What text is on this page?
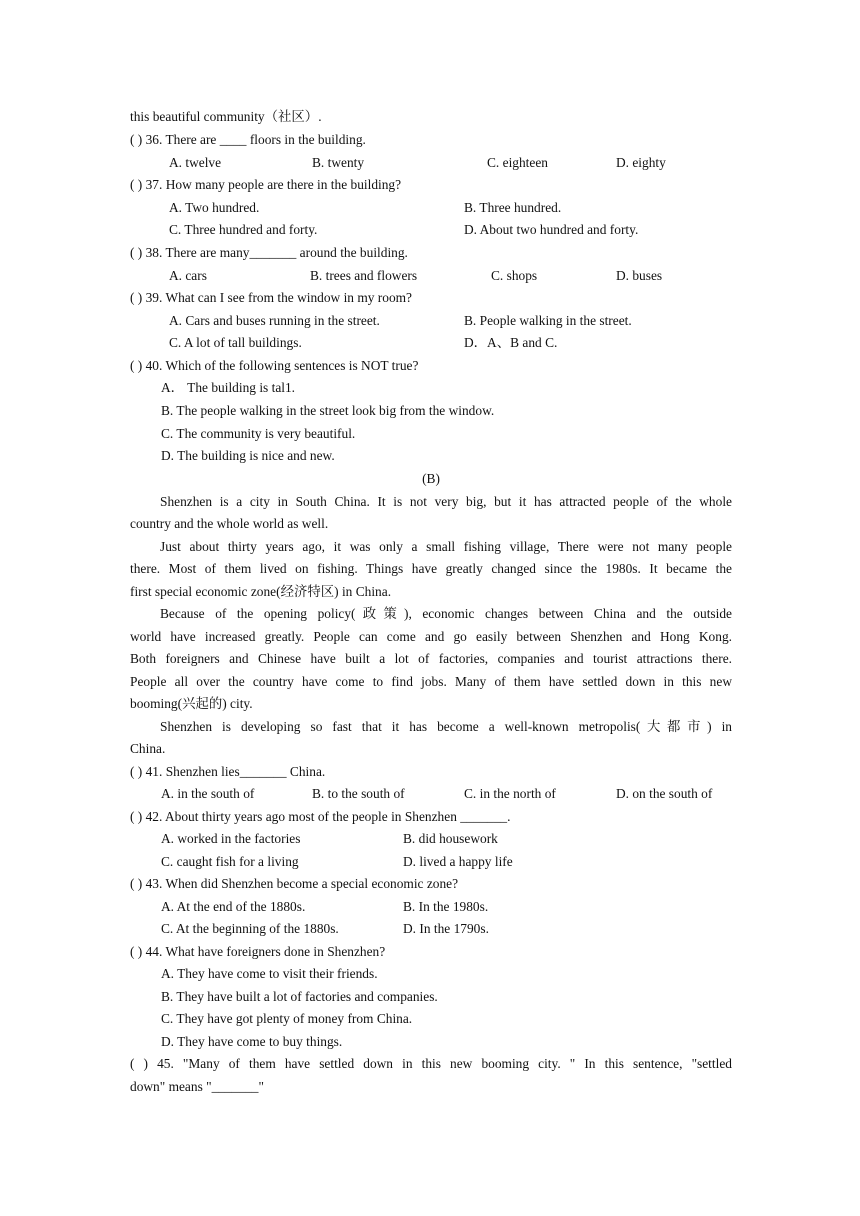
this beautiful community（社区）.
( ) 36. There are ____ floors in the building.
A. twelve	B. twenty	C. eighteen	D. eighty
( ) 37. How many people are there in the building?
A. Two hundred.	B. Three hundred.
C. Three hundred and forty.	D. About two hundred and forty.
( ) 38. There are many_______ around the building.
A. cars	B. trees and flowers	C. shops	D. buses
( ) 39. What can I see from the window in my room?
A. Cars and buses running in the street.	B. People walking in the street.
C. A lot of tall buildings.	D．A、B and C.
( ) 40. Which of the following sentences is NOT true?
A． The building is tal1.
B. The people walking in the street look big from the window.
C. The community is very beautiful.
D. The building is nice and new.
(B)
Shenzhen is a city in South China. It is not very big, but it has attracted people of the whole
country and the whole world as well.
Just about thirty years ago, it was only a small fishing village, There were not many people
there. Most of them lived on fishing. Things have greatly changed since the 1980s. It became the
first special economic zone(经济特区) in China.
Because of the opening policy(政策), economic changes between China and the outside
world have increased greatly. People can come and go easily between Shenzhen and Hong Kong.
Both foreigners and Chinese have built a lot of factories, companies and tourist attractions there.
People all over the country have come to find jobs. Many of them have settled down in this new
booming(兴起的) city.
Shenzhen is developing so fast that it has become a well-known metropolis(大都市) in
China.
( ) 41. Shenzhen lies_______ China.
A. in the south of	B. to the south of	C. in the north of	D. on the south of
( ) 42. About thirty years ago most of the people in Shenzhen _______.
A. worked in the factories	B. did housework
C. caught fish for a living	D. lived a happy life
( ) 43. When did Shenzhen become a special economic zone?
A. At the end of the 1880s.	B. In the 1980s.
C. At the beginning of the 1880s.	D. In the 1790s.
( ) 44. What have foreigners done in Shenzhen?
A. They have come to visit their friends.
B. They have built a lot of factories and companies.
C. They have got plenty of money from China.
D. They have come to buy things.
( ) 45. "Many of them have settled down in this new booming city. " In this sentence, "settled
down" means "_______"
